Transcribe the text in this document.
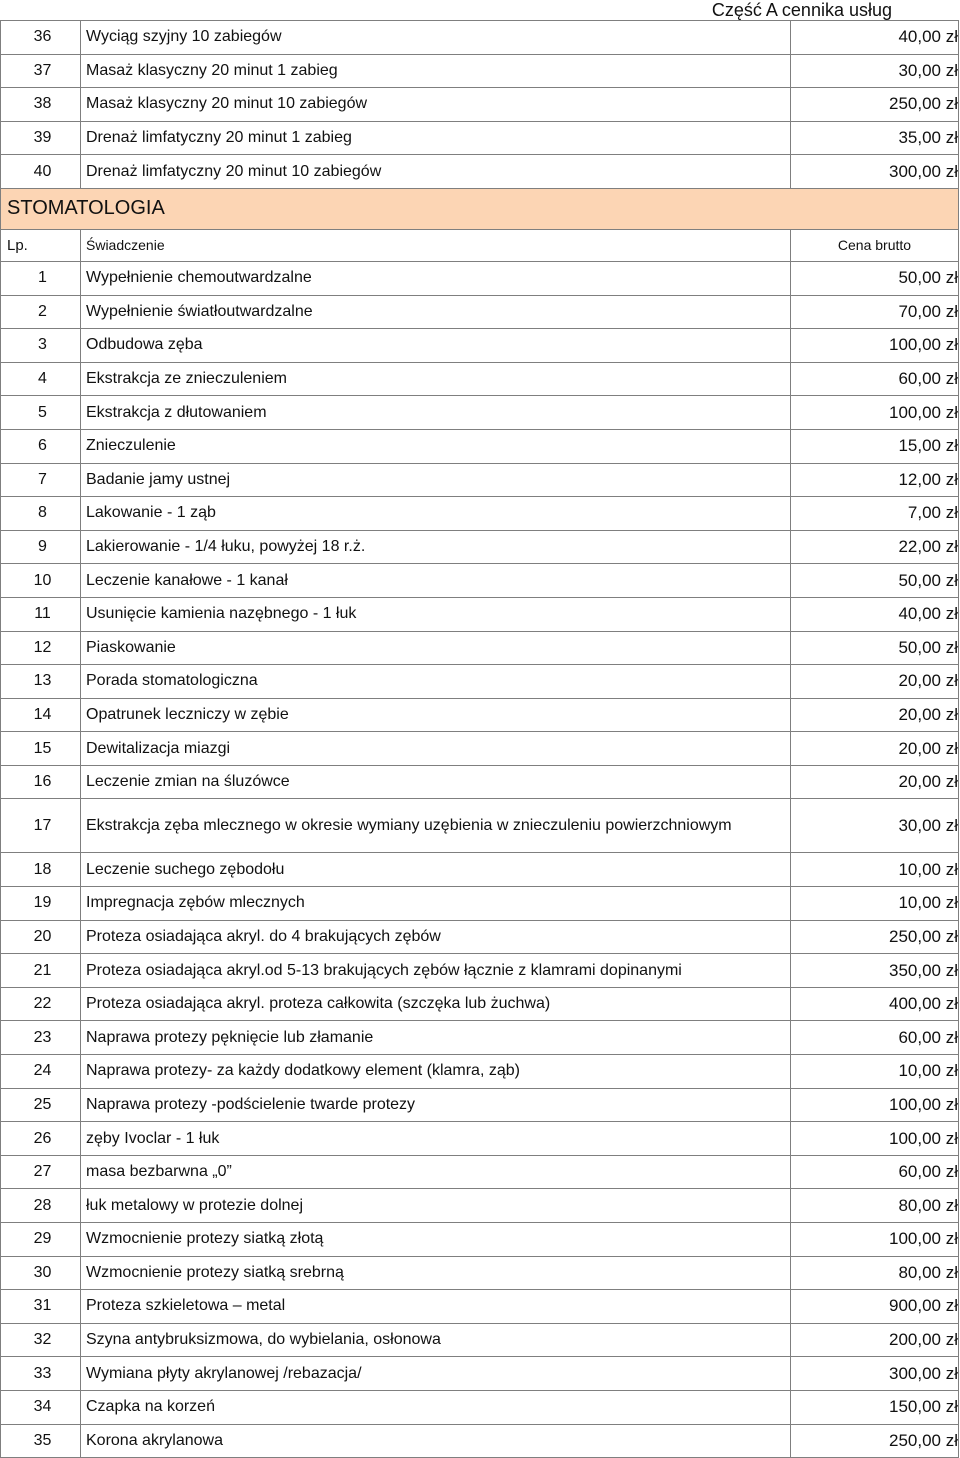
Część A cennika usług
36	Wyciąg szyjny 10 zabiegów	40,00 zł
37	Masaż klasyczny 20 minut 1 zabieg	30,00 zł
38	Masaż klasyczny 20 minut 10 zabiegów	250,00 zł
39	Drenaż limfatyczny 20 minut 1 zabieg	35,00 zł
40	Drenaż limfatyczny 20 minut 10 zabiegów	300,00 zł
STOMATOLOGIA		
Lp.	Świadczenie	Cena brutto
1	Wypełnienie chemoutwardzalne	50,00 zł
2	Wypełnienie światłoutwardzalne	70,00 zł
3	Odbudowa zęba	100,00 zł
4	Ekstrakcja ze znieczuleniem	60,00 zł
5	Ekstrakcja z dłutowaniem	100,00 zł
6	Znieczulenie	15,00 zł
7	Badanie jamy ustnej	12,00 zł
8	Lakowanie - 1 ząb	7,00 zł
9	Lakierowanie - 1/4 łuku, powyżej 18 r.ż.	22,00 zł
10	Leczenie kanałowe - 1 kanał	50,00 zł
11	Usunięcie kamienia nazębnego - 1 łuk	40,00 zł
12	Piaskowanie	50,00 zł
13	Porada stomatologiczna	20,00 zł
14	Opatrunek leczniczy w zębie	20,00 zł
15	Dewitalizacja miazgi	20,00 zł
16	Leczenie zmian na śluzówce	20,00 zł
17	Ekstrakcja zęba mlecznego w okresie wymiany uzębienia w znieczuleniu powierzchniowym	30,00 zł
18	Leczenie suchego zębodołu	10,00 zł
19	Impregnacja zębów mlecznych	10,00 zł
20	Proteza osiadająca akryl. do 4 brakujących zębów	250,00 zł
21	Proteza osiadająca akryl.od 5-13 brakujących zębów łącznie z klamrami dopinanymi	350,00 zł
22	Proteza osiadająca akryl. proteza całkowita (szczęka lub żuchwa)	400,00 zł
23	Naprawa protezy pęknięcie lub złamanie	60,00 zł
24	Naprawa protezy- za każdy dodatkowy element (klamra, ząb)	10,00 zł
25	Naprawa protezy -podścielenie twarde protezy	100,00 zł
26	zęby Ivoclar - 1 łuk	100,00 zł
27	masa bezbarwna „0”	60,00 zł
28	łuk metalowy w protezie dolnej	80,00 zł
29	Wzmocnienie protezy siatką złotą	100,00 zł
30	Wzmocnienie protezy siatką srebrną	80,00 zł
31	Proteza szkieletowa – metal	900,00 zł
32	Szyna antybruksizmowa, do wybielania, osłonowa	200,00 zł
33	Wymiana płyty akrylanowej /rebazacja/	300,00 zł
34	Czapka na korzeń	150,00 zł
35	Korona akrylanowa	250,00 zł
